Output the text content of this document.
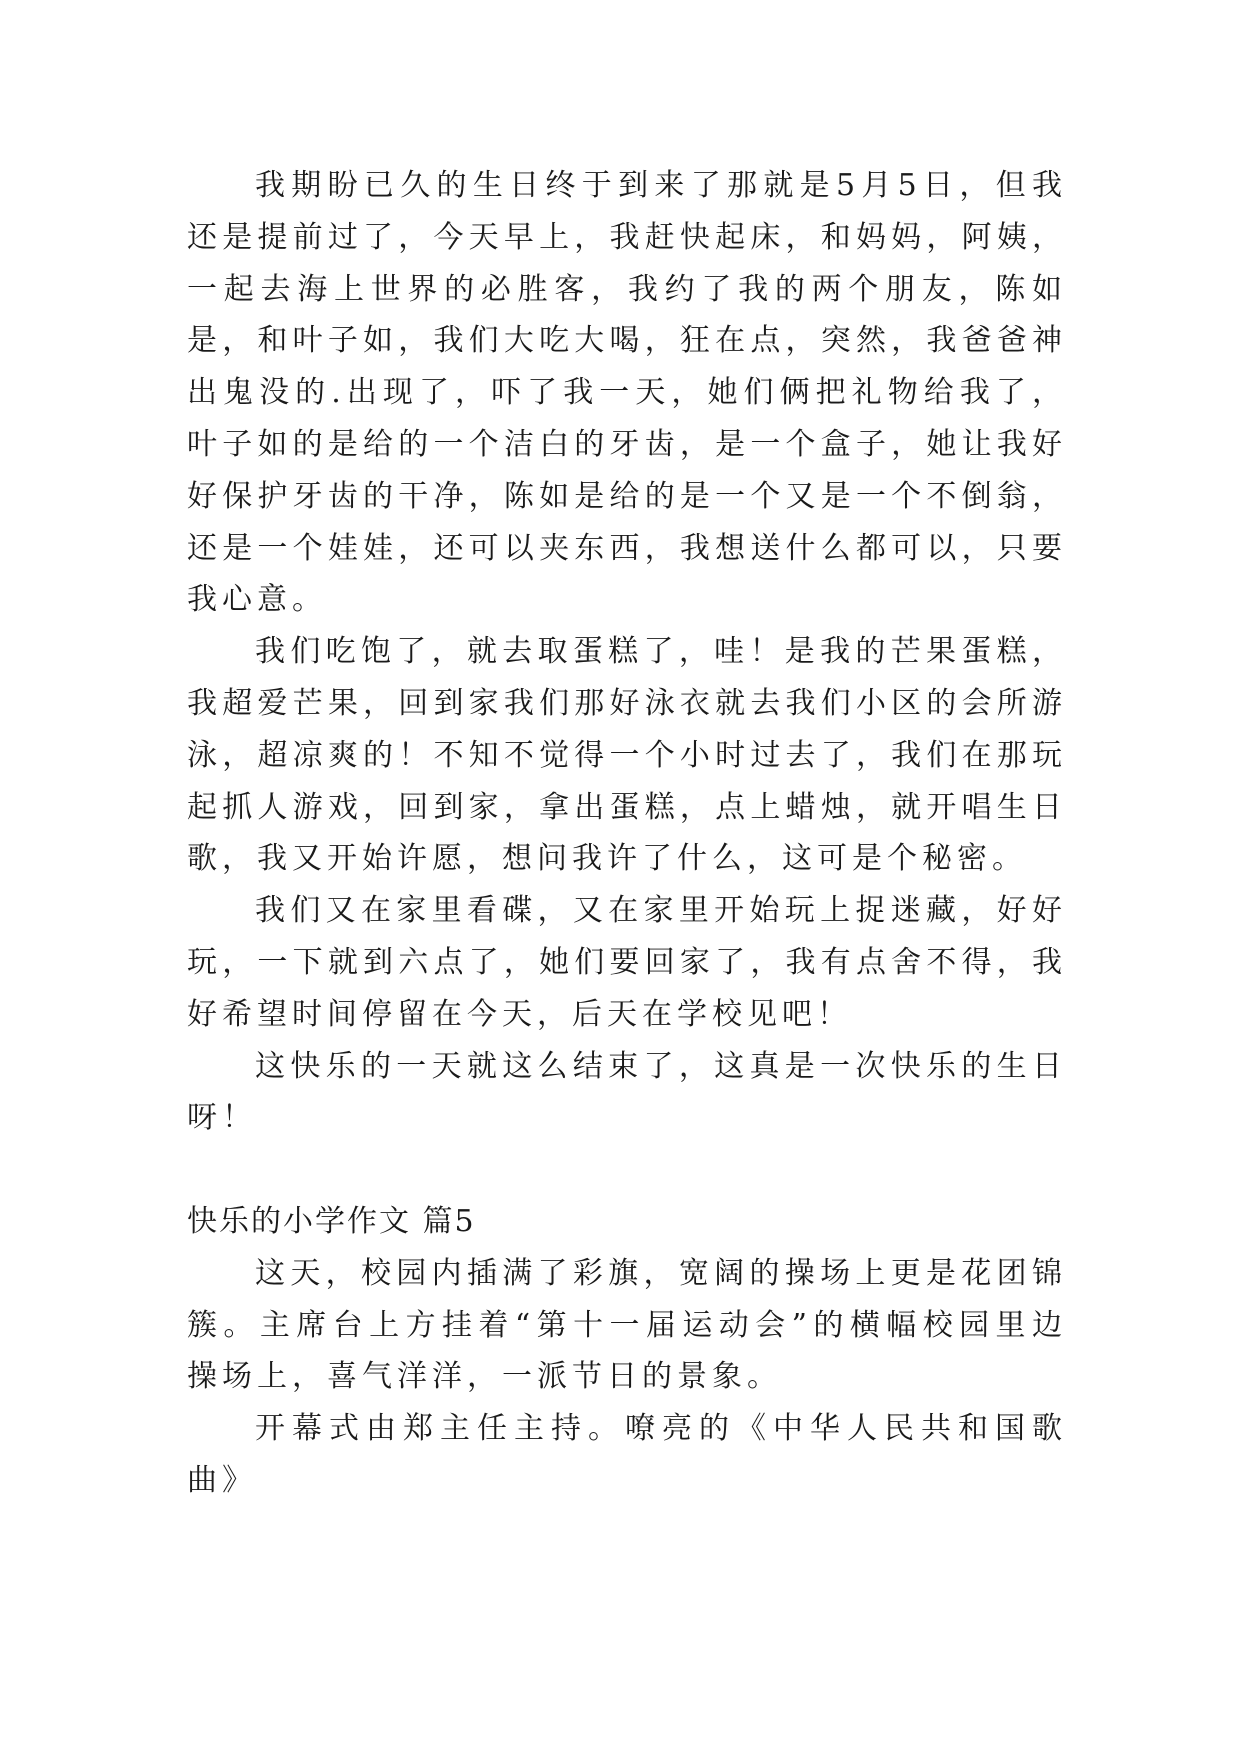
我期盼已久的生日终于到来了那就是5月5日，但我还是提前过了，今天早上，我赶快起床，和妈妈，阿姨，一起去海上世界的必胜客，我约了我的两个朋友，陈如是，和叶子如，我们大吃大喝，狂在点，突然，我爸爸神出鬼没的.出现了，吓了我一天，她们俩把礼物给我了，叶子如的是给的一个洁白的牙齿，是一个盒子，她让我好好保护牙齿的干净，陈如是给的是一个又是一个不倒翁，还是一个娃娃，还可以夹东西，我想送什么都可以，只要我心意。

我们吃饱了，就去取蛋糕了，哇！是我的芒果蛋糕，我超爱芒果，回到家我们那好泳衣就去我们小区的会所游泳，超凉爽的！不知不觉得一个小时过去了，我们在那玩起抓人游戏，回到家，拿出蛋糕，点上蜡烛，就开唱生日歌，我又开始许愿，想问我许了什么，这可是个秘密。

我们又在家里看碟，又在家里开始玩上捉迷藏，好好玩，一下就到六点了，她们要回家了，我有点舍不得，我好希望时间停留在今天，后天在学校见吧！

这快乐的一天就这么结束了，这真是一次快乐的生日呀！

快乐的小学作文 篇5

这天，校园内插满了彩旗，宽阔的操场上更是花团锦簇。主席台上方挂着“第十一届运动会”的横幅校园里边操场上，喜气洋洋，一派节日的景象。

开幕式由郑主任主持。嘹亮的《中华人民共和国歌曲》
